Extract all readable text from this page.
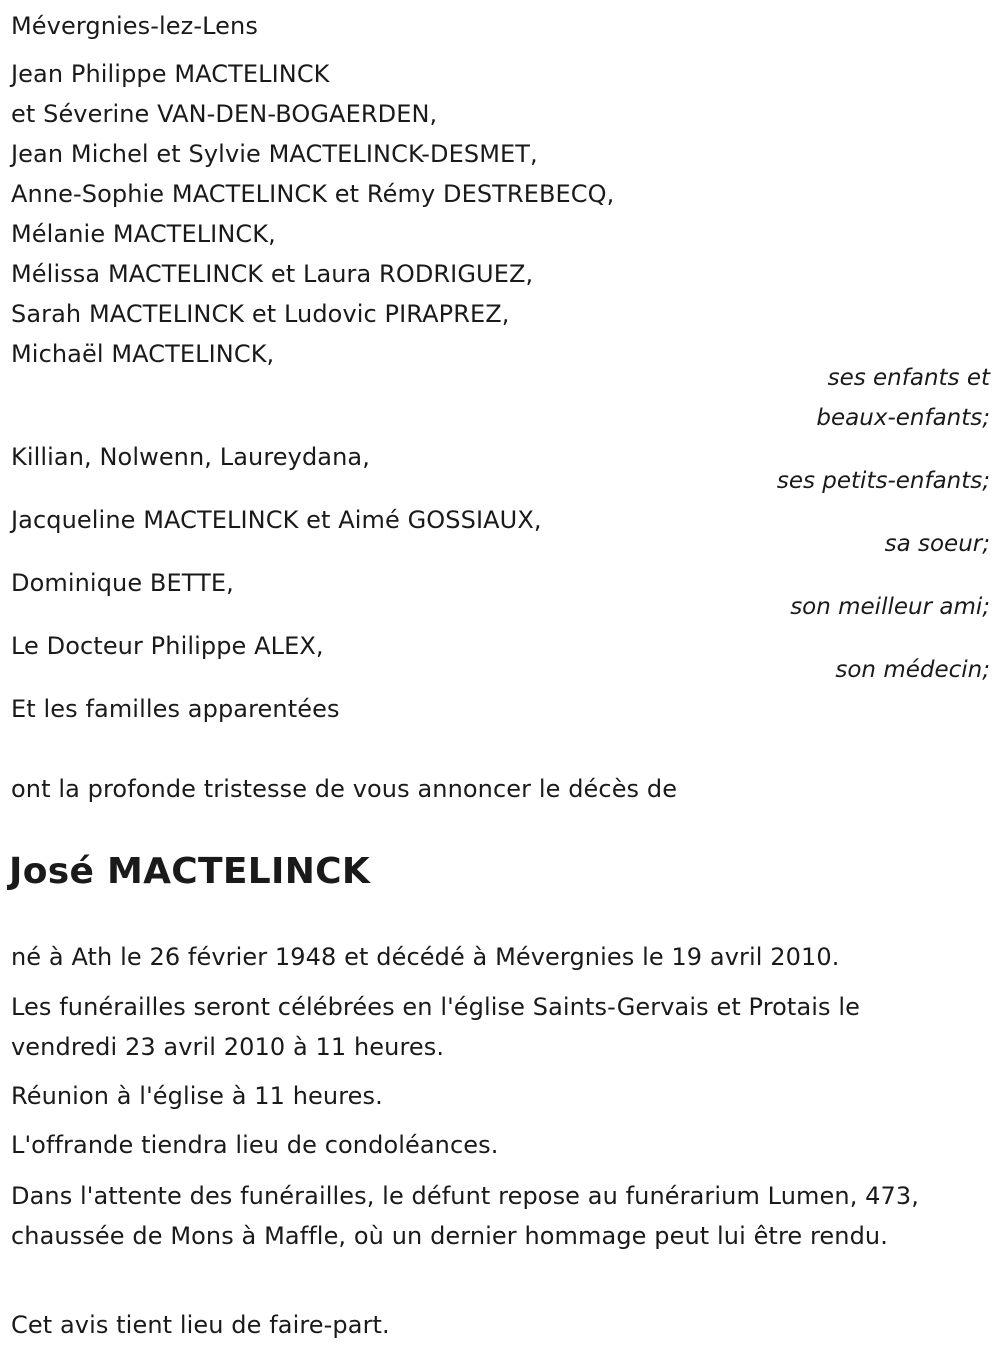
Mévergnies-lez-Lens
Jean Philippe MACTELINCK
et Séverine VAN-DEN-BOGAERDEN,
Jean Michel et Sylvie MACTELINCK-DESMET,
Anne-Sophie MACTELINCK et Rémy DESTREBECQ,
Mélanie MACTELINCK,
Mélissa MACTELINCK et Laura RODRIGUEZ,
Sarah MACTELINCK et Ludovic PIRAPREZ,
Michaël MACTELINCK,
ses enfants et
beaux-enfants;
Killian, Nolwenn, Laureydana,
ses petits-enfants;
Jacqueline MACTELINCK et Aimé GOSSIAUX,
sa soeur;
Dominique BETTE,
son meilleur ami;
Le Docteur Philippe ALEX,
son médecin;
Et les familles apparentées
ont la profonde tristesse de vous annoncer le décès de
José MACTELINCK
né à Ath le 26 février 1948 et décédé à Mévergnies le 19 avril 2010.
Les funérailles seront célébrées en l'église Saints-Gervais et Protais le vendredi 23 avril 2010 à 11 heures.
Réunion à l'église à 11 heures.
L'offrande tiendra lieu de condoléances.
Dans l'attente des funérailles, le défunt repose au funérarium Lumen, 473, chaussée de Mons à Maffle, où un dernier hommage peut lui être rendu.
Cet avis tient lieu de faire-part.
